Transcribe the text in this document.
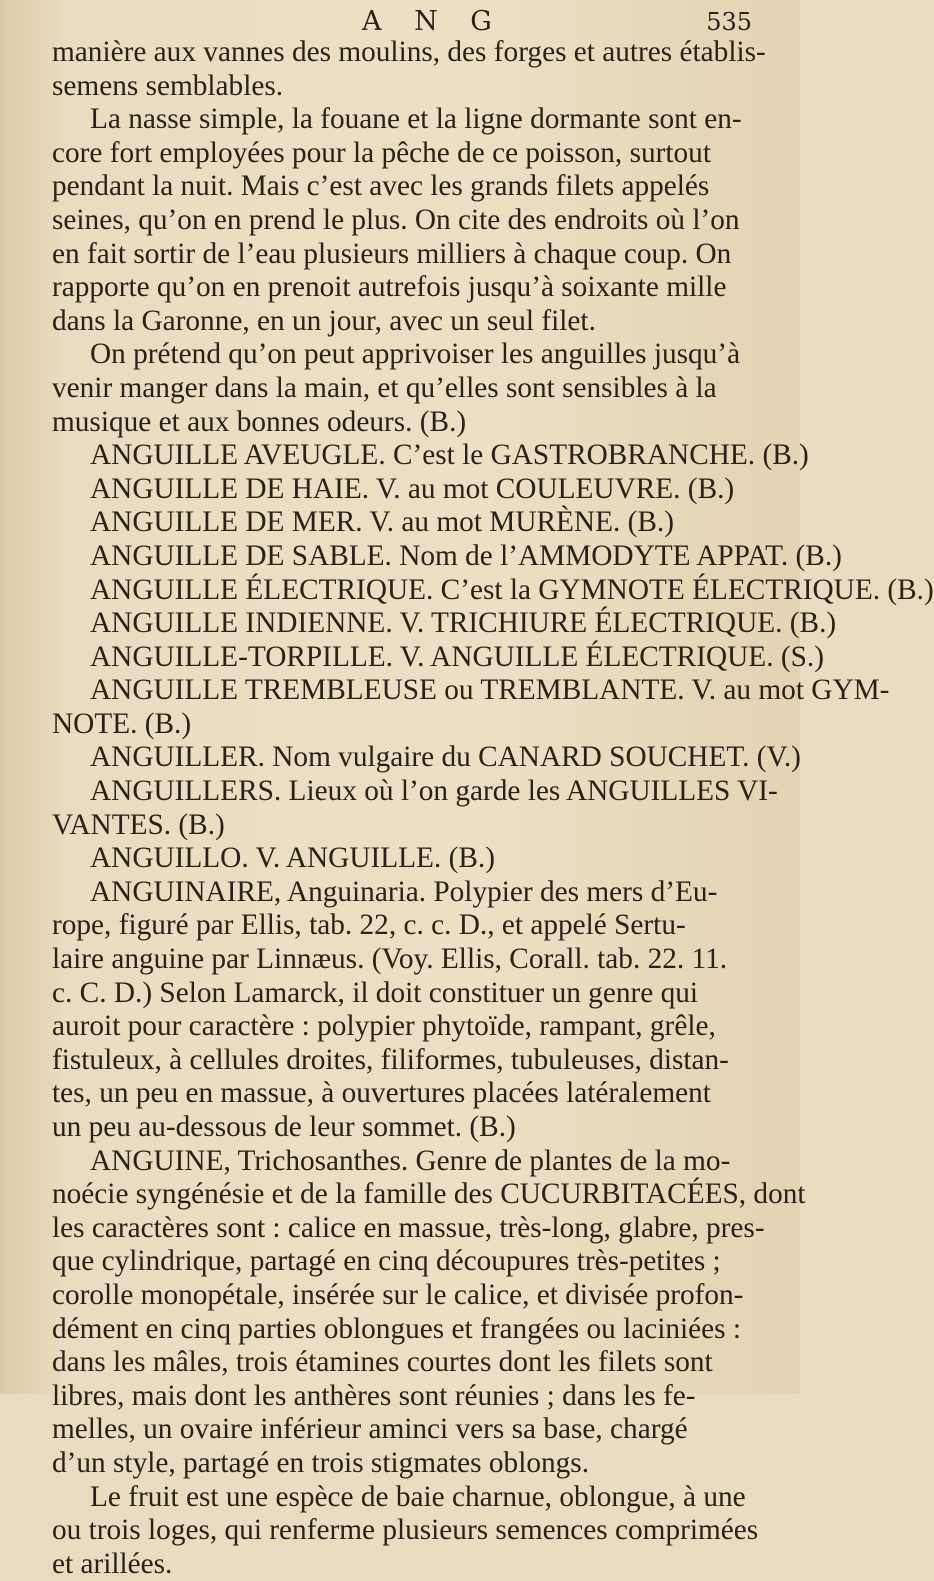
A N G	535
manière aux vannes des moulins, des forges et autres établis-
semens semblables.
La nasse simple, la fouane et la ligne dormante sont en-
core fort employées pour la pêche de ce poisson, surtout
pendant la nuit. Mais c’est avec les grands filets appelés
seines, qu’on en prend le plus. On cite des endroits où l’on
en fait sortir de l’eau plusieurs milliers à chaque coup. On
rapporte qu’on en prenoit autrefois jusqu’à soixante mille
dans la Garonne, en un jour, avec un seul filet.
On prétend qu’on peut apprivoiser les anguilles jusqu’à
venir manger dans la main, et qu’elles sont sensibles à la
musique et aux bonnes odeurs. (B.)
ANGUILLE AVEUGLE. C’est le GASTROBRANCHE. (B.)
ANGUILLE DE HAIE. V. au mot COULEUVRE. (B.)
ANGUILLE DE MER. V. au mot MURÈNE. (B.)
ANGUILLE DE SABLE. Nom de l’AMMODYTE APPAT. (B.)
ANGUILLE ÉLECTRIQUE. C’est la GYMNOTE ÉLECTRIQUE. (B.)
ANGUILLE INDIENNE. V. TRICHIURE ÉLECTRIQUE. (B.)
ANGUILLE-TORPILLE. V. ANGUILLE ÉLECTRIQUE. (S.)
ANGUILLE TREMBLEUSE ou TREMBLANTE. V. au mot GYM-
NOTE. (B.)
ANGUILLER. Nom vulgaire du CANARD SOUCHET. (V.)
ANGUILLERS. Lieux où l’on garde les ANGUILLES VI-
VANTES. (B.)
ANGUILLO. V. ANGUILLE. (B.)
ANGUINAIRE, Anguinaria. Polypier des mers d’Eu-
rope, figuré par Ellis, tab. 22, c. c. D., et appelé Sertu-
laire anguine par Linnæus. (Voy. Ellis, Corall. tab. 22. 11.
c. C. D.) Selon Lamarck, il doit constituer un genre qui
auroit pour caractère : polypier phytoïde, rampant, grêle,
fistuleux, à cellules droites, filiformes, tubuleuses, distan-
tes, un peu en massue, à ouvertures placées latéralement
un peu au-dessous de leur sommet. (B.)
ANGUINE, Trichosanthes. Genre de plantes de la mo-
noécie syngénésie et de la famille des CUCURBITACÉES, dont
les caractères sont : calice en massue, très-long, glabre, pres-
que cylindrique, partagé en cinq découpures très-petites ;
corolle monopétale, insérée sur le calice, et divisée profon-
dément en cinq parties oblongues et frangées ou laciniées :
dans les mâles, trois étamines courtes dont les filets sont
libres, mais dont les anthères sont réunies ; dans les fe-
melles, un ovaire inférieur aminci vers sa base, chargé
d’un style, partagé en trois stigmates oblongs.
Le fruit est une espèce de baie charnue, oblongue, à une
ou trois loges, qui renferme plusieurs semences comprimées
et arillées.
